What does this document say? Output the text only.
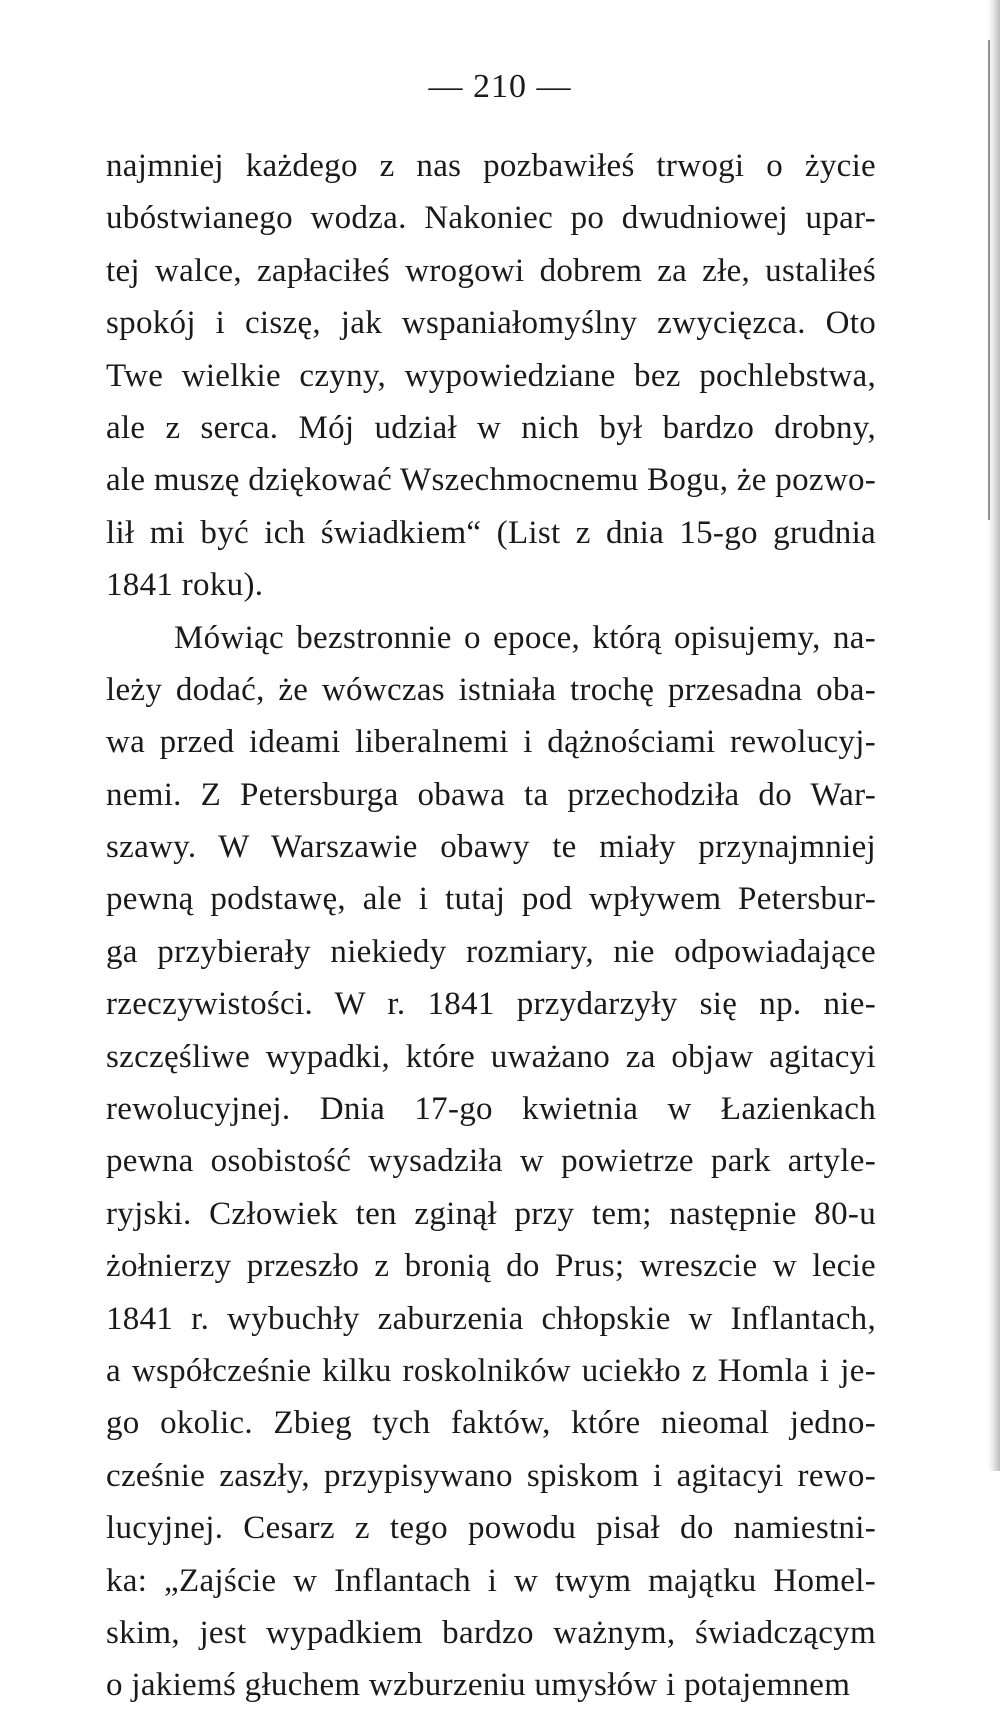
— 210 —
najmniej każdego z nas pozbawiłeś trwogi o życie
ubóstwianego wodza. Nakoniec po dwudniowej upar-
tej walce, zapłaciłeś wrogowi dobrem za złe, ustaliłeś
spokój i ciszę, jak wspaniałomyślny zwycięzca. Oto
Twe wielkie czyny, wypowiedziane bez pochlebstwa,
ale z serca. Mój udział w nich był bardzo drobny,
ale muszę dziękować Wszechmocnemu Bogu, że pozwo-
lił mi być ich świadkiem“ (List z dnia 15-go grudnia
1841 roku).
Mówiąc bezstronnie o epoce, którą opisujemy, na-
leży dodać, że wówczas istniała trochę przesadna oba-
wa przed ideami liberalnemi i dążnościami rewolucyj-
nemi. Z Petersburga obawa ta przechodziła do War-
szawy. W Warszawie obawy te miały przynajmniej
pewną podstawę, ale i tutaj pod wpływem Petersbur-
ga przybierały niekiedy rozmiary, nie odpowiadające
rzeczywistości. W r. 1841 przydarzyły się np. nie-
szczęśliwe wypadki, które uważano za objaw agitacyi
rewolucyjnej. Dnia 17-go kwietnia w Łazienkach
pewna osobistość wysadziła w powietrze park artyle-
ryjski. Człowiek ten zginął przy tem; następnie 80-u
żołnierzy przeszło z bronią do Prus; wreszcie w lecie
1841 r. wybuchły zaburzenia chłopskie w Inflantach,
a współcześnie kilku roskolników uciekło z Homla i je-
go okolic. Zbieg tych faktów, które nieomal jedno-
cześnie zaszły, przypisywano spiskom i agitacyi rewo-
lucyjnej. Cesarz z tego powodu pisał do namiestni-
ka: „Zajście w Inflantach i w twym majątku Homel-
skim, jest wypadkiem bardzo ważnym, świadczącym
o jakiemś głuchem wzburzeniu umysłów i potajemnem
